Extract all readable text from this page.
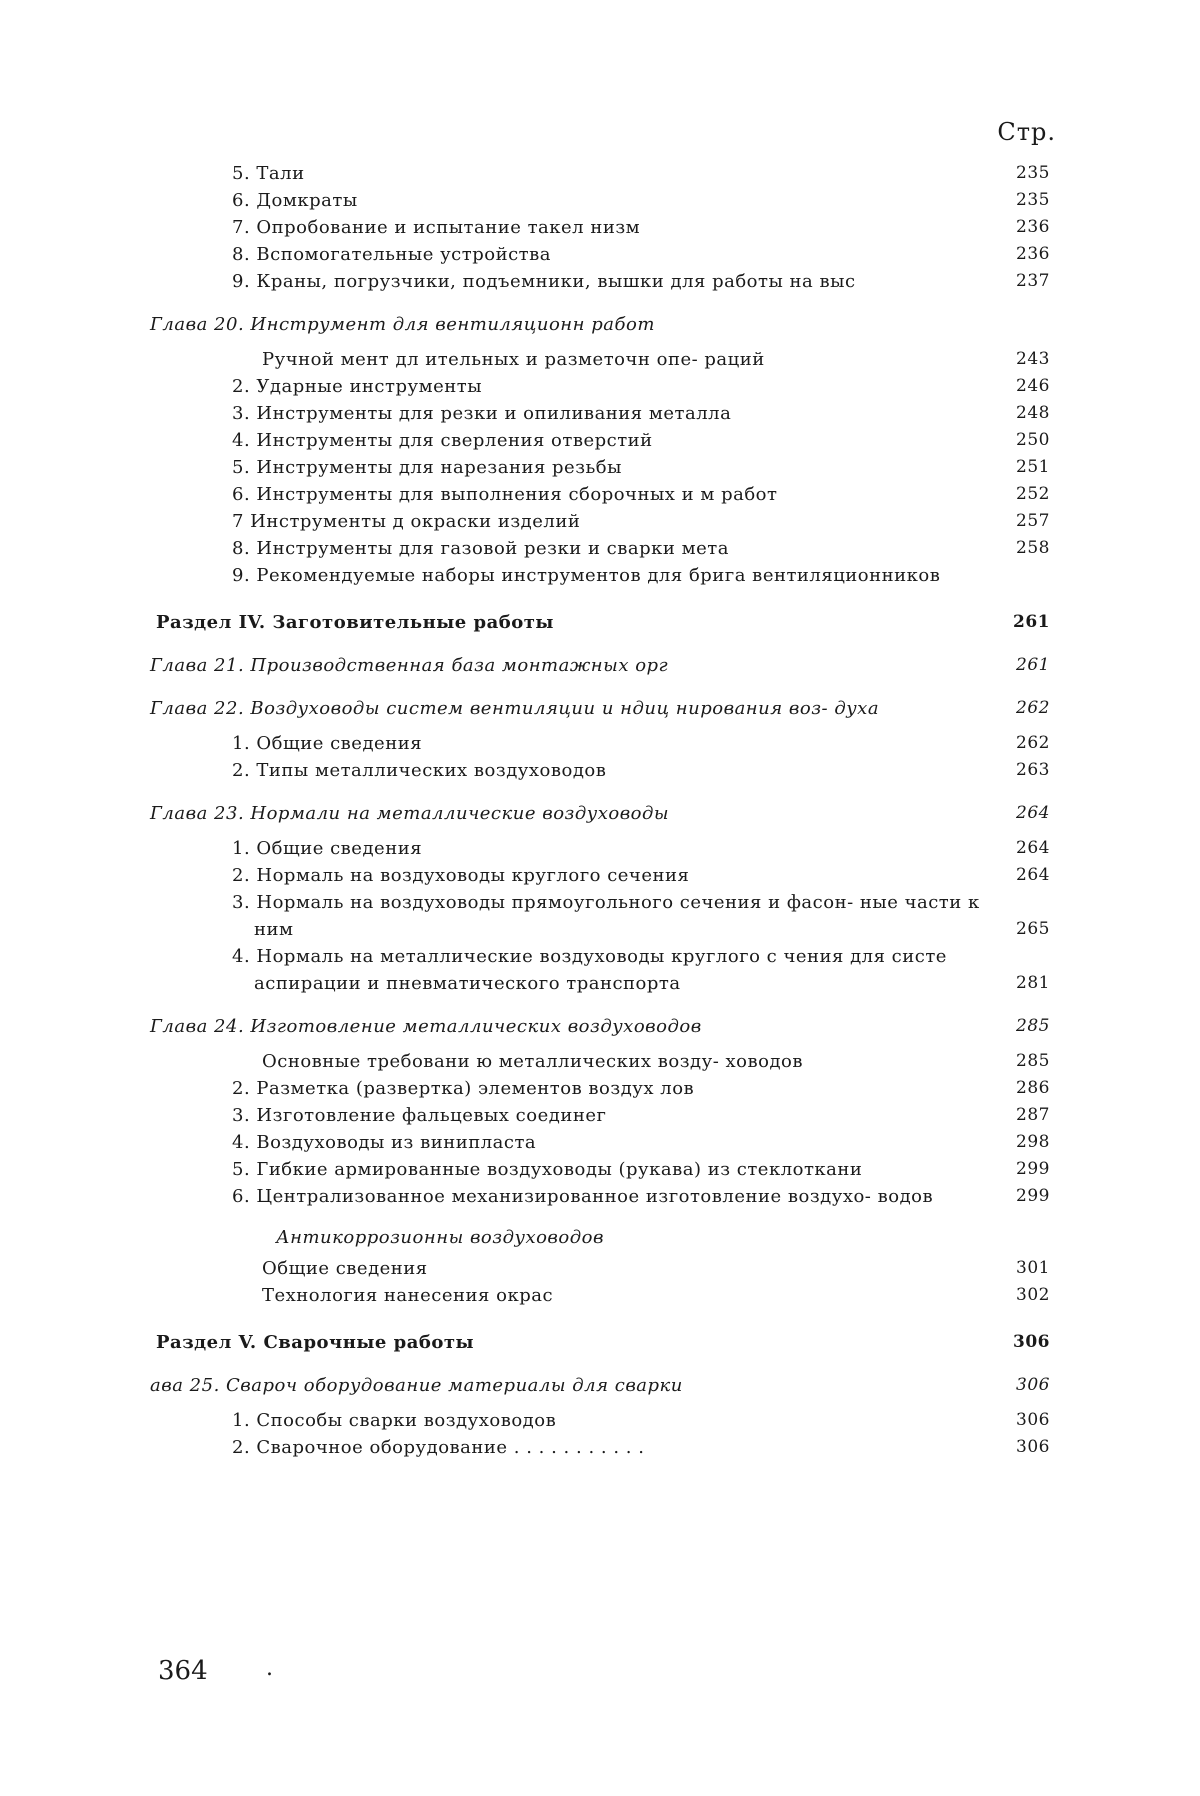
Стр.
5. Тали	235
6. Домкраты	235
7. Опробование и испытание такел низм	236
8. Вспомогательные устройства	236
9. Краны, погрузчики, подъемники, вышки для работы на выс	237
Глава 20. Инструмент для вентиляционн работ
Ручной мент дл ительных и разметочн опе- раций	243
2. Ударные инструменты	246
3. Инструменты для резки и опиливания металла	248
4. Инструменты для сверления отверстий	250
5. Инструменты для нарезания резьбы	251
6. Инструменты для выполнения сборочных и м работ	252
7 Инструменты д окраски изделий	257
8. Инструменты для газовой резки и сварки мета	258
9. Рекомендуемые наборы инструментов для брига вентиляционников
Раздел IV. Заготовительные работы	261
Глава 21. Производственная база монтажных орг	261
Глава 22. Воздуховоды систем вентиляции и ндиц нирования воз- духа	262
1. Общие сведения	262
2. Типы металлических воздуховодов	263
Глава 23. Нормали на металлические воздуховоды	264
1. Общие сведения	264
2. Нормаль на воздуховоды круглого сечения	264
3. Нормаль на воздуховоды прямоугольного сечения и фасон- ные части к ним	265
4. Нормаль на металлические воздуховоды круглого с чения для систе аспирации и пневматического транспорта	281
Глава 24. Изготовление металлических воздуховодов	285
Основные требовани ю металлических возду- ховодов	285
2. Разметка (развертка) элементов воздух лов	286
3. Изготовление фальцевых соединег	287
4. Воздуховоды из винипласта	298
5. Гибкие армированные воздуховоды (рукава) из стеклоткани	299
6. Централизованное механизированное изготовление воздухо- водов	299
Антикоррозионны воздуховодов
Общие сведения	301
Технология нанесения окрас	302
Раздел V. Сварочные работы	306
ава 25. Свароч оборудование материалы для сварки	306
1. Способы сварки воздуховодов	306
2. Сварочное оборудование . . . . . . . . . . .	306
364	.
